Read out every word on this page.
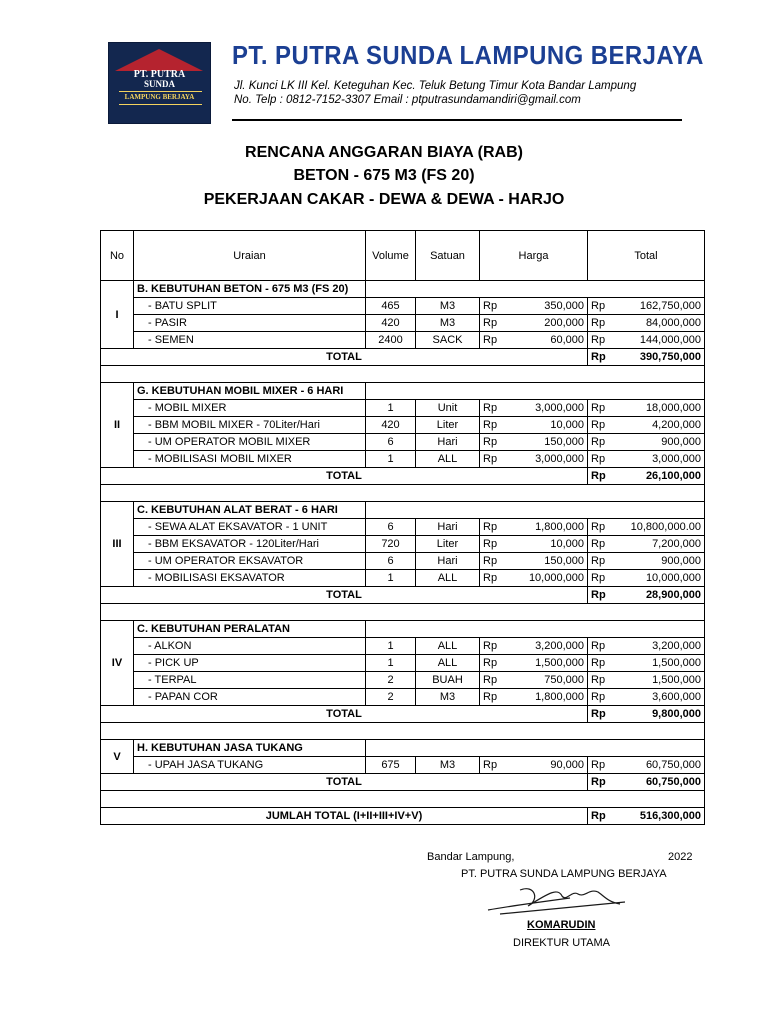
PT. PUTRA
SUNDA
LAMPUNG BERJAYA
PT. PUTRA SUNDA LAMPUNG BERJAYA
Jl. Kunci LK III Kel. Keteguhan Kec. Teluk Betung Timur Kota Bandar Lampung
No. Telp : 0812-7152-3307 Email : ptputrasundamandiri@gmail.com
RENCANA ANGGARAN BIAYA (RAB)
BETON - 675 M3 (FS 20)
PEKERJAAN CAKAR - DEWA & DEWA - HARJO
No	Uraian	Volume	Satuan	Harga		Total	
I	B. KEBUTUHAN BETON - 675 M3 (FS 20)						
	- BATU SPLIT	465	M3	Rp	350,000	Rp	162,750,000
	- PASIR	420	M3	Rp	200,000	Rp	84,000,000
	- SEMEN	2400	SACK	Rp	60,000	Rp	144,000,000
TOTAL						Rp	390,750,000

II	G. KEBUTUHAN MOBIL MIXER - 6 HARI						
	- MOBIL MIXER	1	Unit	Rp	3,000,000	Rp	18,000,000
	- BBM MOBIL MIXER - 70Liter/Hari	420	Liter	Rp	10,000	Rp	4,200,000
	- UM OPERATOR MOBIL MIXER	6	Hari	Rp	150,000	Rp	900,000
	- MOBILISASI MOBIL MIXER	1	ALL	Rp	3,000,000	Rp	3,000,000
TOTAL						Rp	26,100,000

III	C. KEBUTUHAN ALAT BERAT - 6 HARI						
	- SEWA ALAT EKSAVATOR - 1 UNIT	6	Hari	Rp	1,800,000	Rp	10,800,000.00
	- BBM EKSAVATOR - 120Liter/Hari	720	Liter	Rp	10,000	Rp	7,200,000
	- UM OPERATOR EKSAVATOR	6	Hari	Rp	150,000	Rp	900,000
	- MOBILISASI EKSAVATOR	1	ALL	Rp	10,000,000	Rp	10,000,000
TOTAL						Rp	28,900,000

IV	C. KEBUTUHAN PERALATAN						
	- ALKON	1	ALL	Rp	3,200,000	Rp	3,200,000
	- PICK UP	1	ALL	Rp	1,500,000	Rp	1,500,000
	- TERPAL	2	BUAH	Rp	750,000	Rp	1,500,000
	- PAPAN COR	2	M3	Rp	1,800,000	Rp	3,600,000
TOTAL						Rp	9,800,000

V	H. KEBUTUHAN JASA TUKANG						
	- UPAH JASA TUKANG	675	M3	Rp	90,000	Rp	60,750,000
TOTAL						Rp	60,750,000

JUMLAH TOTAL (I+II+III+IV+V)						Rp	516,300,000
Bandar Lampung,	2022
PT. PUTRA SUNDA LAMPUNG BERJAYA
KOMARUDIN
DIREKTUR UTAMA
